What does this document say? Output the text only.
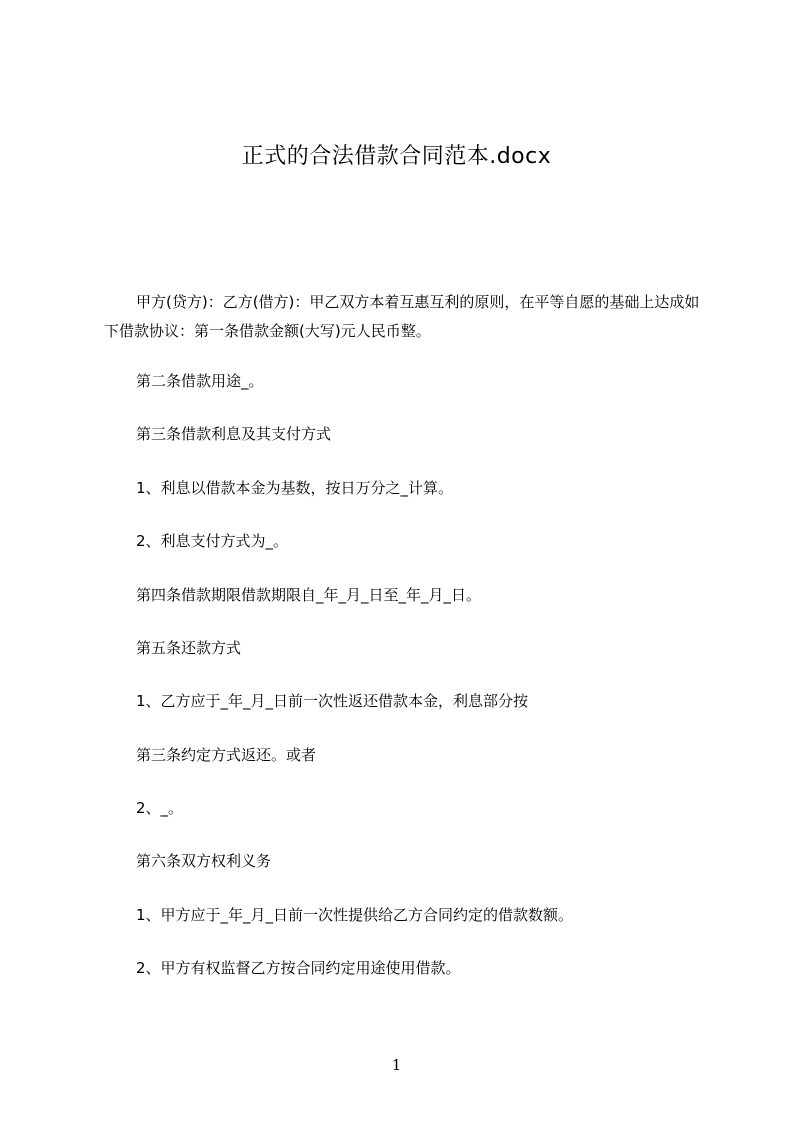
正式的合法借款合同范本.docx

甲方(贷方)：乙方(借方)：甲乙双方本着互惠互利的原则，在平等自愿的基础上达成如下借款协议：第一条借款金额(大写)元人民币整。

第二条借款用途_。

第三条借款利息及其支付方式

1、利息以借款本金为基数，按日万分之_计算。

2、利息支付方式为_。

第四条借款期限借款期限自_年_月_日至_年_月_日。

第五条还款方式

1、乙方应于_年_月_日前一次性返还借款本金，利息部分按

第三条约定方式返还。或者

2、_。

第六条双方权利义务

1、甲方应于_年_月_日前一次性提供给乙方合同约定的借款数额。

2、甲方有权监督乙方按合同约定用途使用借款。

1
